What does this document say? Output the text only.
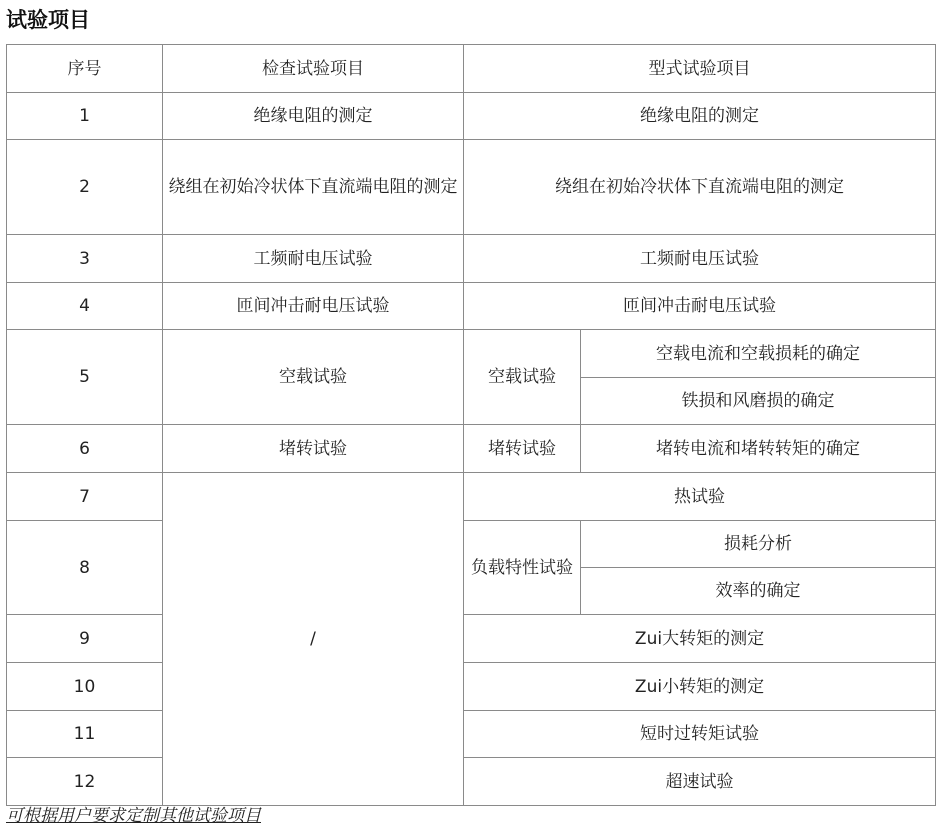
试验项目
序号	检查试验项目	型式试验项目	
1	绝缘电阻的测定	绝缘电阻的测定	
2	绕组在初始冷状体下直流端电阻的测定	绕组在初始冷状体下直流端电阻的测定	
3	工频耐电压试验	工频耐电压试验	
4	匝间冲击耐电压试验	匝间冲击耐电压试验	
5	空载试验	空载试验	空载电流和空载损耗的确定
			铁损和风磨损的确定
6	堵转试验	堵转试验	堵转电流和堵转转矩的确定
7	/	热试验	
8		负载特性试验	损耗分析
			效率的确定
9		Zui大转矩的测定	
10		Zui小转矩的测定	
11		短时过转矩试验	
12		超速试验	

可根据用户要求定制其他试验项目
